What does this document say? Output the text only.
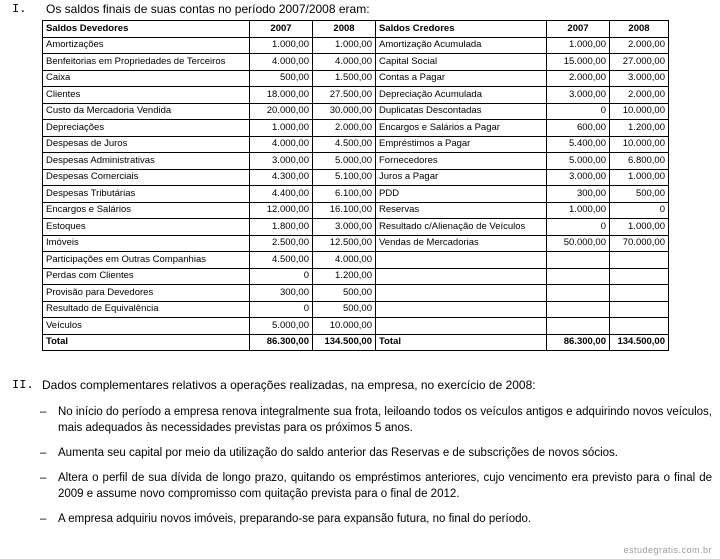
I. Os saldos finais de suas contas no período 2007/2008 eram:
Saldos Devedores	2007	2008	Saldos Credores	2007	2008
Amortizações	1.000,00	1.000,00	Amortização Acumulada	1.000,00	2.000,00
Benfeitorias em Propriedades de Terceiros	4.000,00	4.000,00	Capital Social	15.000,00	27.000,00
Caixa	500,00	1.500,00	Contas a Pagar	2.000,00	3.000,00
Clientes	18.000,00	27.500,00	Depreciação Acumulada	3.000,00	2.000,00
Custo da Mercadoria Vendida	20.000,00	30.000,00	Duplicatas Descontadas	0	10.000,00
Depreciações	1.000,00	2.000,00	Encargos e Salários a Pagar	600,00	1.200,00
Despesas de Juros	4.000,00	4.500,00	Empréstimos a Pagar	5.400,00	10.000,00
Despesas Administrativas	3.000,00	5.000,00	Fornecedores	5.000,00	6.800,00
Despesas Comerciais	4.300,00	5.100,00	Juros a Pagar	3.000,00	1.000,00
Despesas Tributárias	4.400,00	6.100,00	PDD	300,00	500,00
Encargos e Salários	12.000,00	16.100,00	Reservas	1.000,00	0
Estoques	1.800,00	3.000,00	Resultado c/Alienação de Veículos	0	1.000,00
Imóveis	2.500,00	12.500,00	Vendas de Mercadorias	50.000,00	70.000,00
Participações em Outras Companhias	4.500,00	4.000,00			
Perdas com Clientes	0	1.200,00			
Provisão para Devedores	300,00	500,00			
Resultado de Equivalência	0	500,00			
Veículos	5.000,00	10.000,00			
Total	86.300,00	134.500,00	Total	86.300,00	134.500,00
II. Dados complementares relativos a operações realizadas, na empresa, no exercício de 2008:
–	No início do período a empresa renova integralmente sua frota, leiloando todos os veículos antigos e adquirindo novos veículos, mais adequados às necessidades previstas para os próximos 5 anos.
–	Aumenta seu capital por meio da utilização do saldo anterior das Reservas e de subscrições de novos sócios.
–	Altera o perfil de sua dívida de longo prazo, quitando os empréstimos anteriores, cujo vencimento era previsto para o final de 2009 e assume novo compromisso com quitação prevista para o final de 2012.
–	A empresa adquiriu novos imóveis, preparando-se para expansão futura, no final do período.
estudegratis.com.br
